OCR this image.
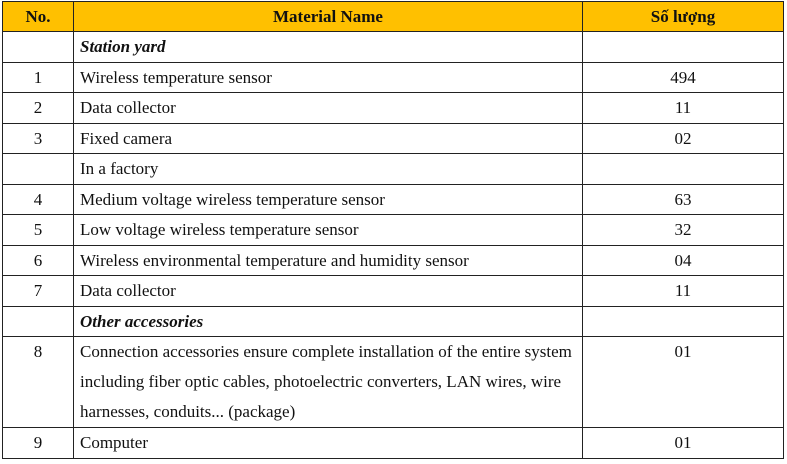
No.	Material Name	Số lượng
	Station yard	
1	Wireless temperature sensor	494
2	Data collector	11
3	Fixed camera	02
	In a factory	
4	Medium voltage wireless temperature sensor	63
5	Low voltage wireless temperature sensor	32
6	Wireless environmental temperature and humidity sensor	04
7	Data collector	11
	Other accessories	
8	Connection accessories ensure complete installation of the entire system including fiber optic cables, photoelectric converters, LAN wires, wire harnesses, conduits... (package)	01
9	Computer	01
